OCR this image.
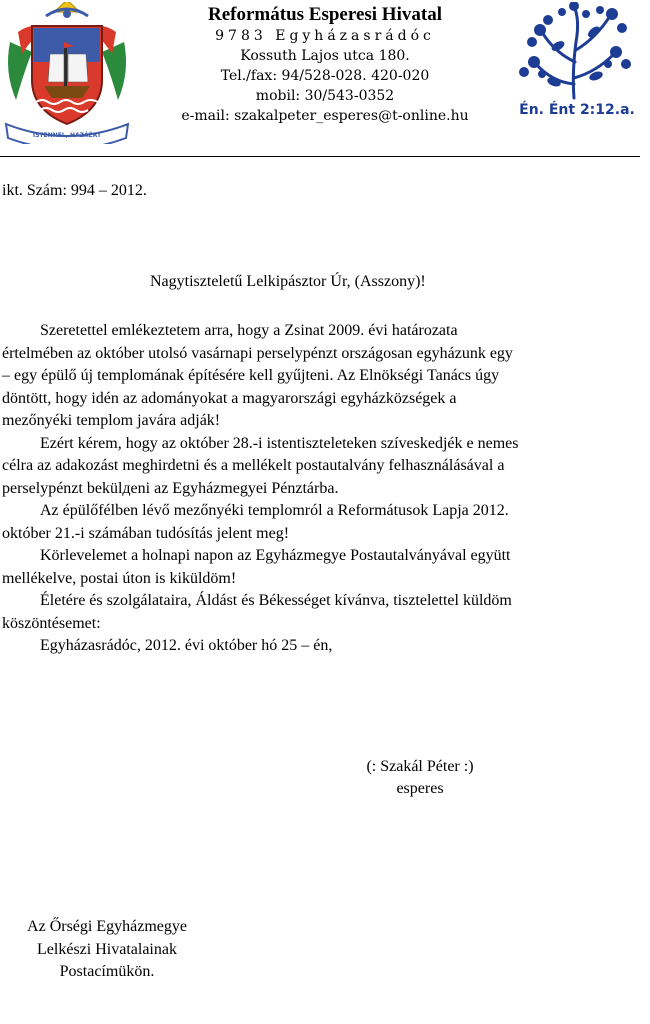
ISTENNEL, HAZÁÉRT
Református Esperesi Hivatal
9783 Egyházasrádóc
Kossuth Lajos utca 180.
Tel./fax: 94/528-028. 420-020
mobil: 30/543-0352
e-mail: szakalpeter_esperes@t-online.hu	Én. Ént 2:12.a.
ikt. Szám: 994 – 2012.
Nagytiszteletű Lelkipásztor Úr, (Asszony)!
Szeretettel emlékeztetem arra, hogy a Zsinat 2009. évi határozata
értelmében az október utolsó vasárnapi perselypénzt országosan egyházunk egy
– egy épülő új templomának építésére kell gyűjteni. Az Elnökségi Tanács úgy
döntött, hogy idén az adományokat a magyarországi egyházközségek a
mezőnyéki templom javára adják!
Ezért kérem, hogy az október 28.-i istentiszteleteken szíveskedjék e nemes
célra az adakozást meghirdetni és a mellékelt postautalvány felhasználásával a
perselypénzt bekülдeni az Egyházmegyei Pénztárba.
Az épülőfélben lévő mezőnyéki templomról a Reformátusok Lapja 2012.
október 21.-i számában tudósítás jelent meg!
Körlevelemet a holnapi napon az Egyházmegye Postautalványával együtt
mellékelve, postai úton is kiküldöm!
Életére és szolgálataira, Áldást és Békességet kívánva, tisztelettel küldöm
köszöntésemet:
Egyházasrádóc, 2012. évi október hó 25 – én,
(: Szakál Péter :)
esperes
Az Őrségi Egyházmegye
Lelkészi Hivatalainak
Postacímükön.
